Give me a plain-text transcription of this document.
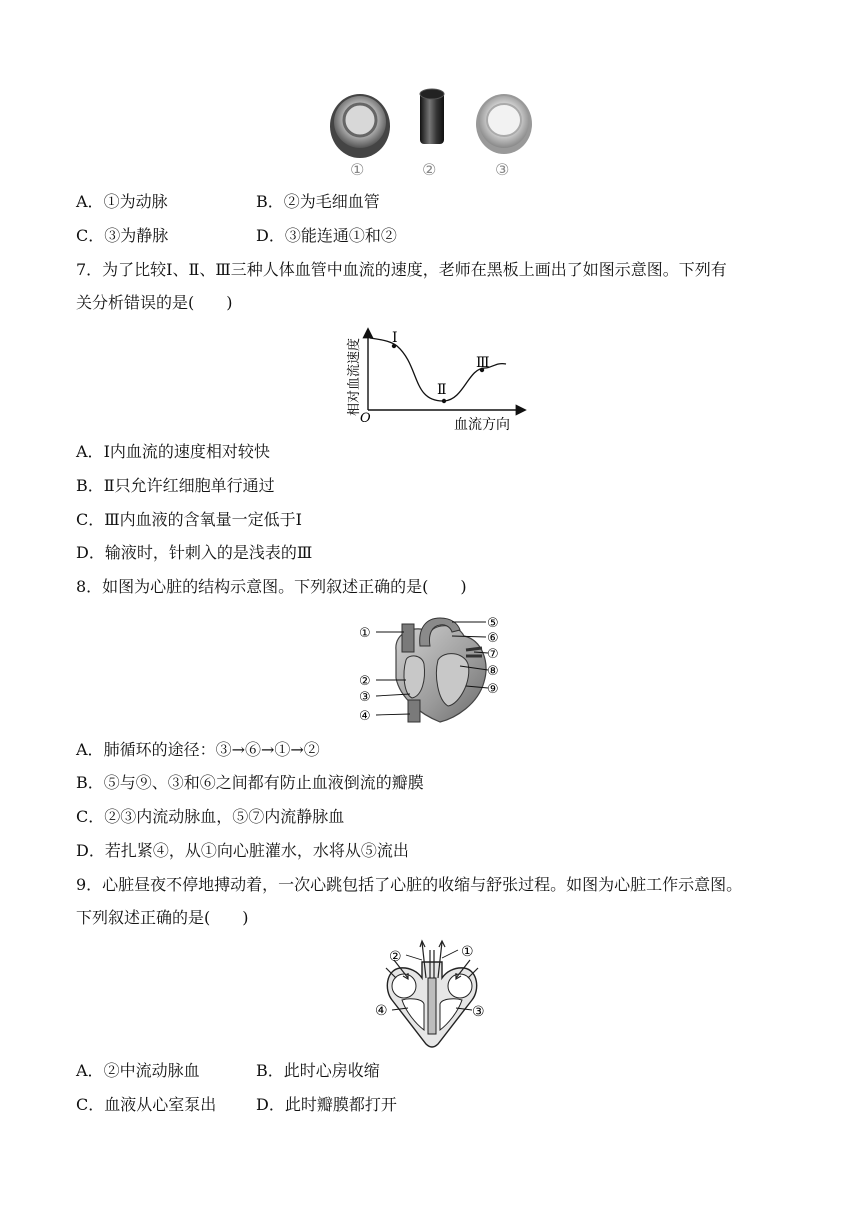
①	②	③
A．①为动脉	B．②为毛细血管
C．③为静脉	D．③能连通①和②
7．为了比较Ⅰ、Ⅱ、Ⅲ三种人体血管中血流的速度，老师在黑板上画出了如图示意图。下列有
关分析错误的是(　　)
Ⅰ
Ⅱ
Ⅲ
O	血流方向
相对血流速度
A．Ⅰ内血流的速度相对较快
B．Ⅱ只允许红细胞单行通过
C．Ⅲ内血液的含氧量一定低于Ⅰ
D．输液时，针刺入的是浅表的Ⅲ
8．如图为心脏的结构示意图。下列叙述正确的是(　　)
①
②
③
④
⑤
⑥
⑦
⑧
⑨
A．肺循环的途径：③→⑥→①→②
B．⑤与⑨、③和⑥之间都有防止血液倒流的瓣膜
C．②③内流动脉血，⑤⑦内流静脉血
D．若扎紧④，从①向心脏灌水，水将从⑤流出
9．心脏昼夜不停地搏动着，一次心跳包括了心脏的收缩与舒张过程。如图为心脏工作示意图。
下列叙述正确的是(　　)
②	①
④	③
A．②中流动脉血	B．此时心房收缩
C．血液从心室泵出 D．此时瓣膜都打开
